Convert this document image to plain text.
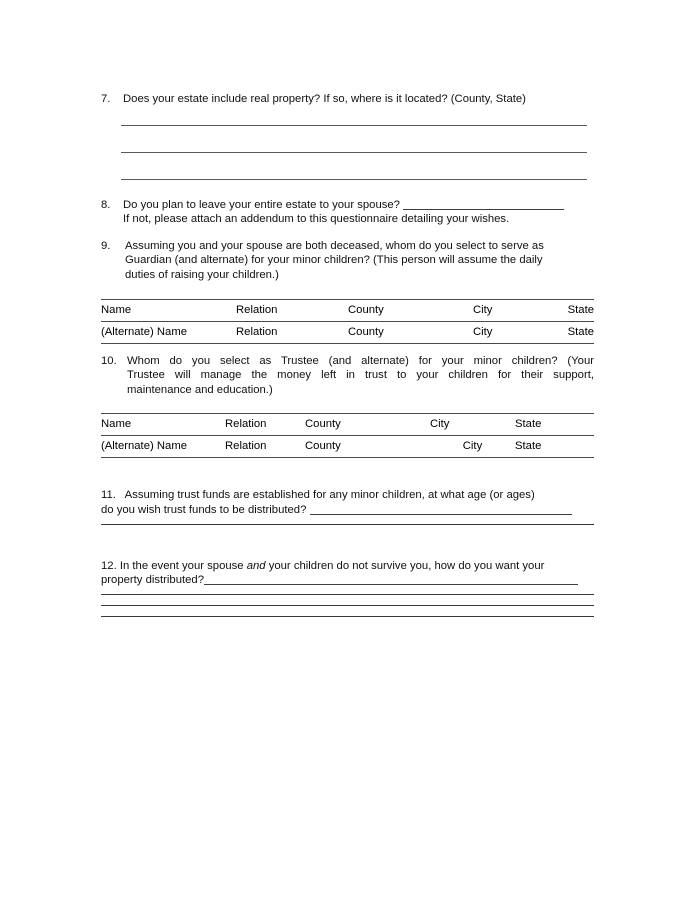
7.	Does your estate include real property? If so, where is it located? (County, State)
8.	Do you plan to leave your entire estate to your spouse?
If not, please attach an addendum to this questionnaire detailing your wishes.
9.	Assuming you and your spouse are both deceased, whom do you select to serve as
Guardian (and alternate) for your minor children? (This person will assume the daily
duties of raising your children.)
Name	Relation	County	City	State
(Alternate) Name	Relation	County	City	State

10. Whom do you select as Trustee (and alternate) for your minor children? (Your
Trustee will manage the money left in trust to your children for their support,
maintenance and education.)
Name	Relation	County	City	State
(Alternate) Name	Relation	County	City	State

11. Assuming trust funds are established for any minor children, at what age (or ages)
do you wish trust funds to be distributed?
12. In the event your spouse and your children do not survive you, how do you want your
property distributed?
